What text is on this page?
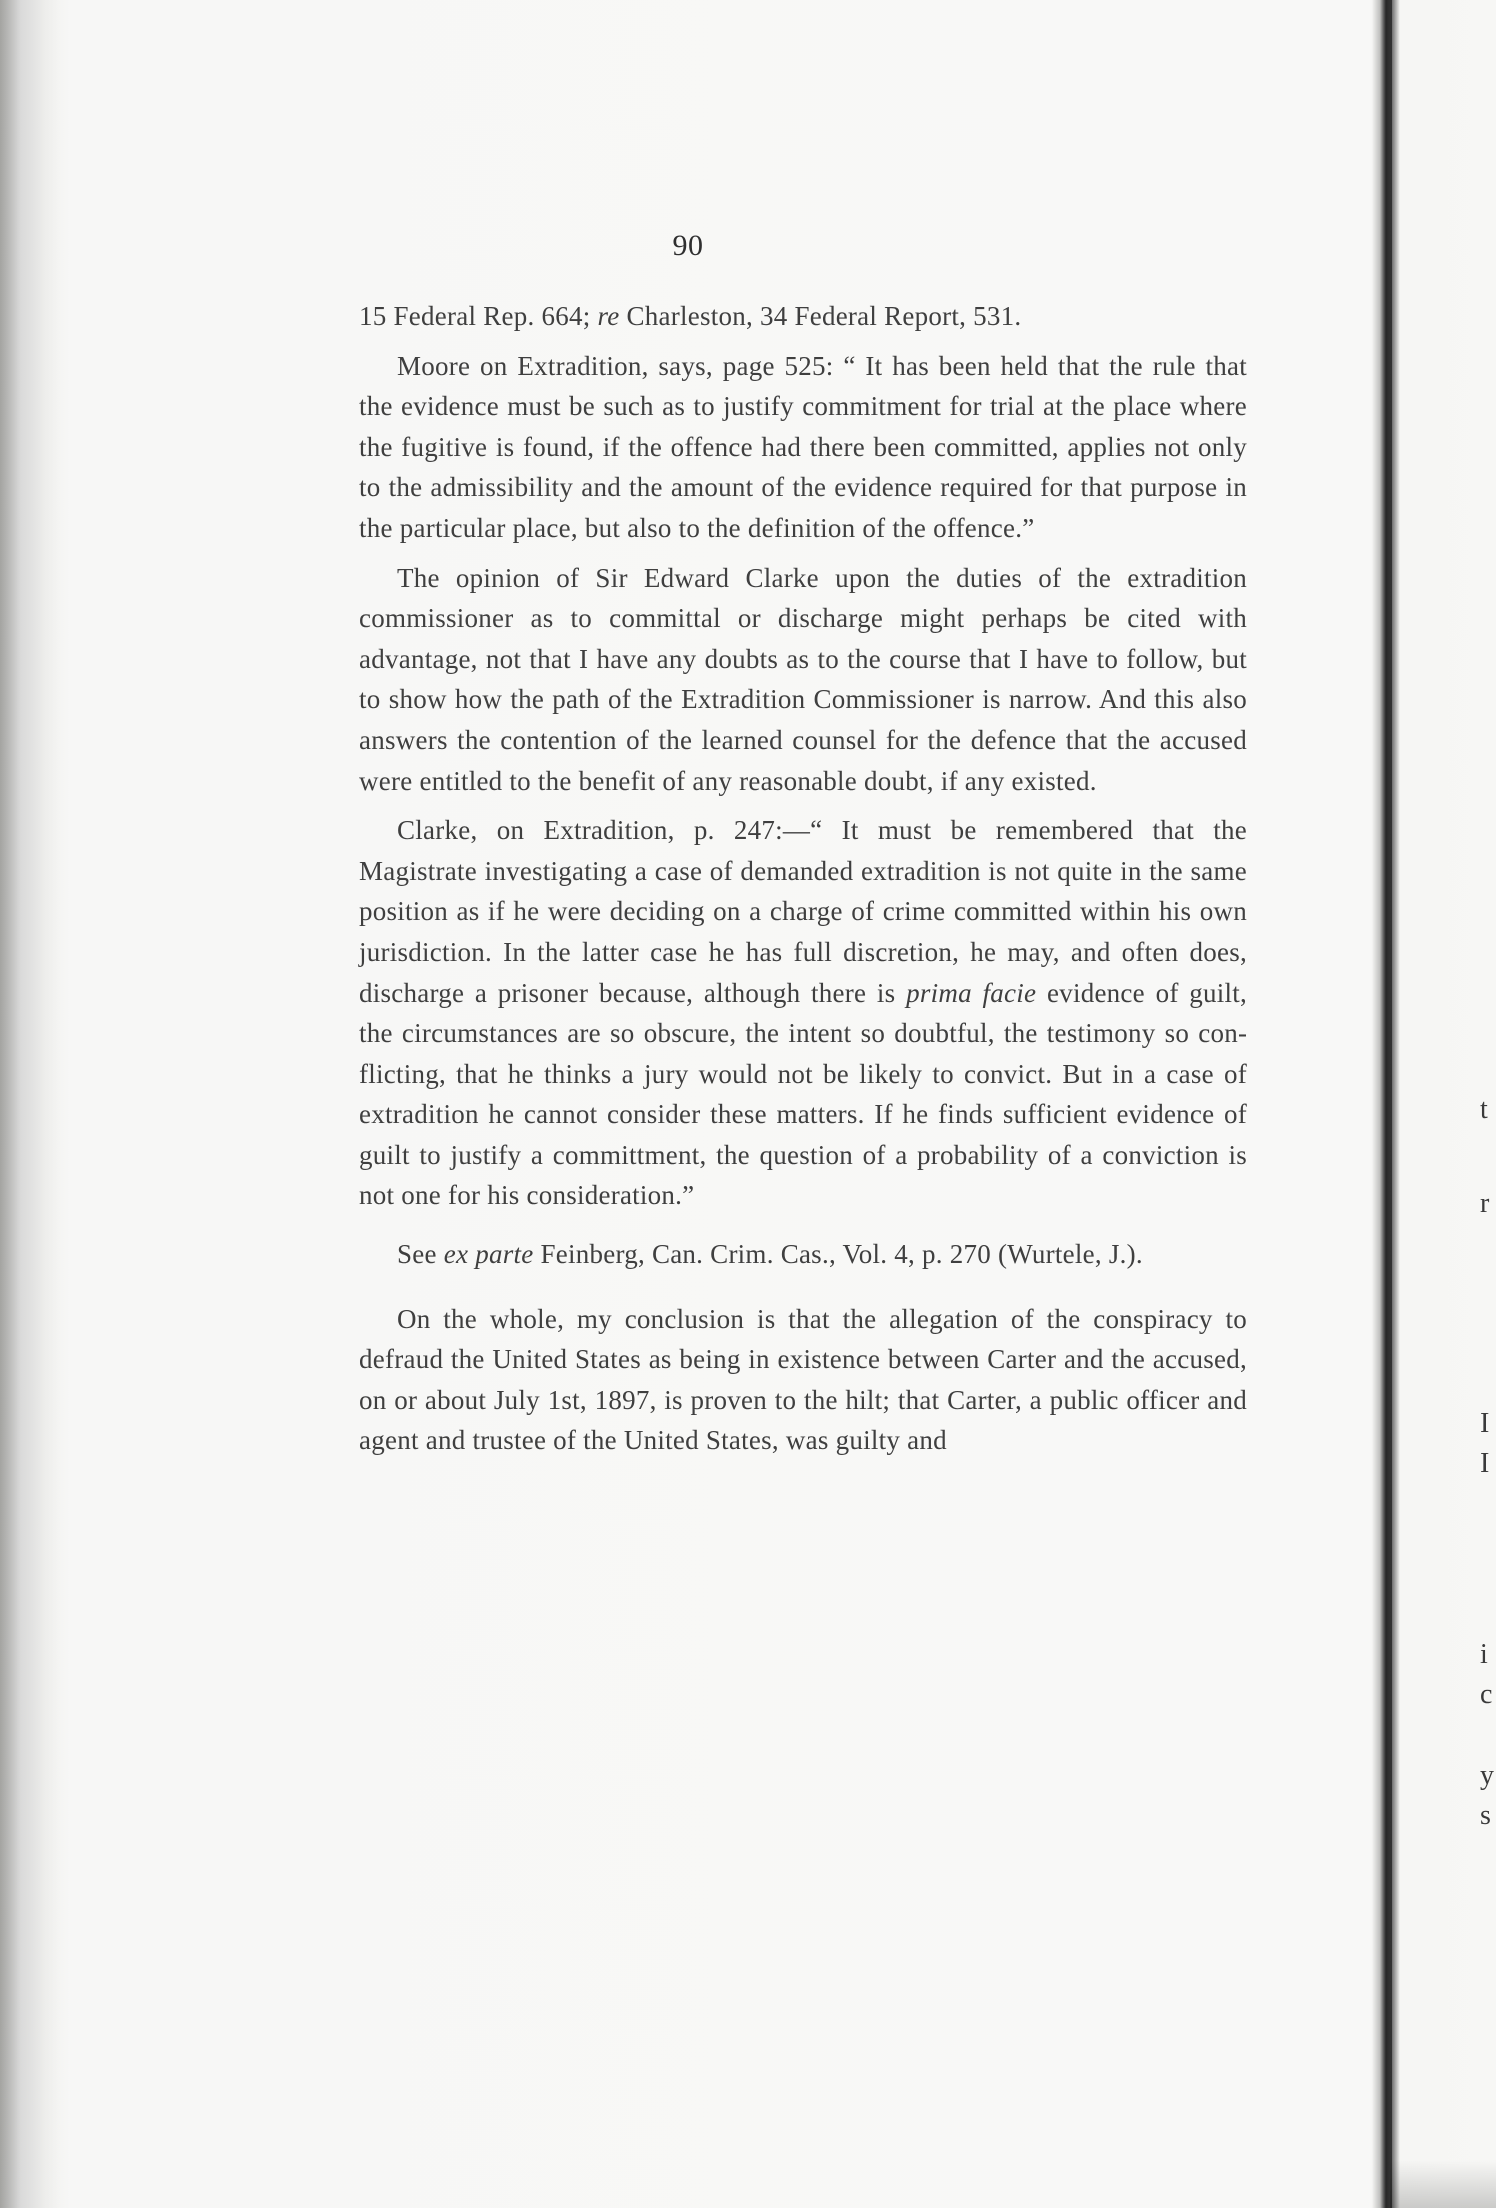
90

15 Federal Rep. 664; re Charleston, 34 Federal Report, 531.

Moore on Extradition, says, page 525: “ It has been held that the rule that the evidence must be such as to justify commitment for trial at the place where the fugitive is found, if the offence had there been committed, applies not only to the admissibility and the amount of the evidence required for that purpose in the particular place, but also to the definition of the offence.”

The opinion of Sir Edward Clarke upon the duties of the extradition commissioner as to committal or discharge might perhaps be cited with advantage, not that I have any doubts as to the course that I have to follow, but to show how the path of the Extradition Commissioner is narrow. And this also answers the contention of the learned counsel for the defence that the accused were entitled to the benefit of any reasonable doubt, if any existed.

Clarke, on Extradition, p. 247:—“ It must be remembered that the Magistrate investigating a case of demanded extradition is not quite in the same position as if he were deciding on a charge of crime committed within his own jurisdiction. In the latter case he has full discretion, he may, and often does, discharge a prisoner because, although there is prima facie evidence of guilt, the circumstances are so obscure, the intent so doubtful, the testimony so conflicting, that he thinks a jury would not be likely to convict. But in a case of extradition he cannot consider these matters. If he finds sufficient evidence of guilt to justify a committment, the question of a probability of a conviction is not one for his consideration.”

See ex parte Feinberg, Can. Crim. Cas., Vol. 4, p. 270 (Wurtele, J.).

On the whole, my conclusion is that the allegation of the conspiracy to defraud the United States as being in existence between Carter and the accused, on or about July 1st, 1897, is proven to the hilt; that Carter, a public officer and agent and trustee of the United States, was guilty and

t
r
I
I
i
c
y
s
